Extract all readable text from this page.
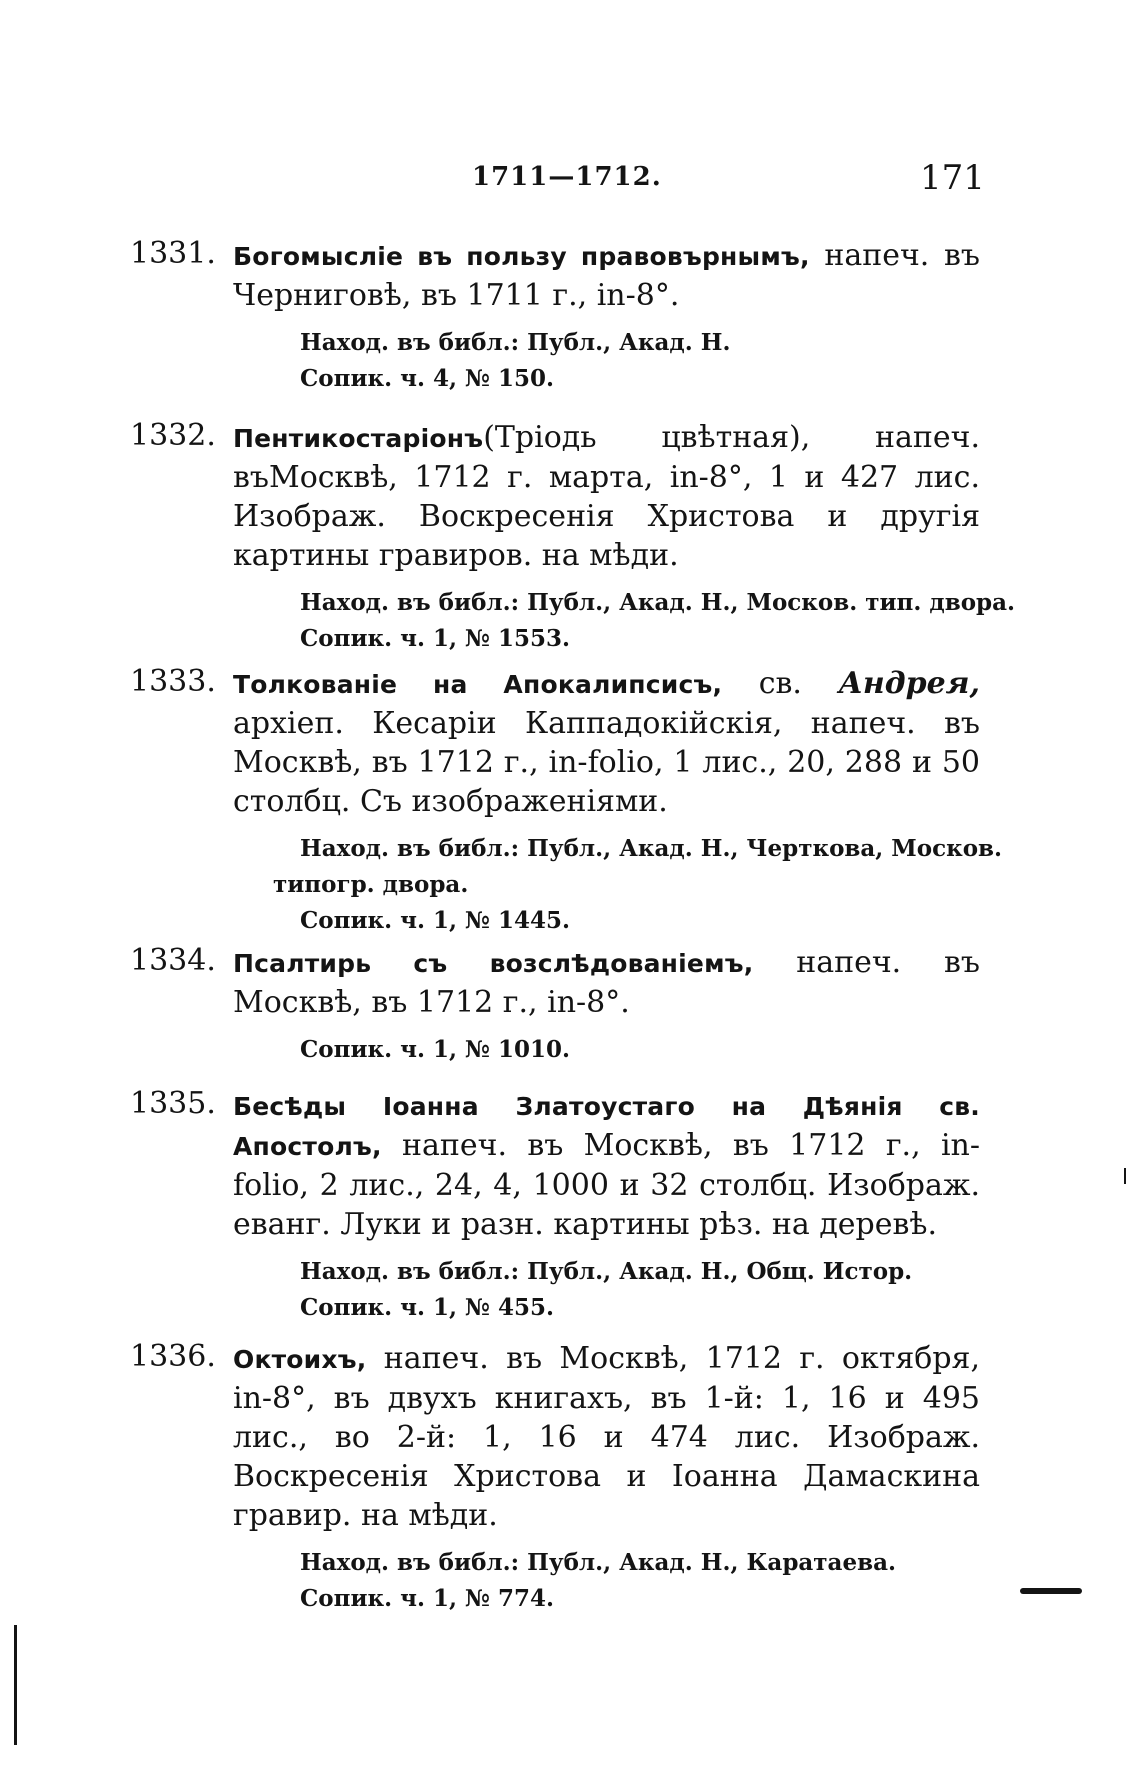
1711—1712.	171
1331. Богомысліе въ пользу правовърнымъ, напеч. въ Черниговѣ, въ 1711 г., in-8°.
Наход. въ библ.: Публ., Акад. Н.
Сопик. ч. 4, № 150.
1332. Пентикостаріонъ(Тріодь цвѣтная), напеч. въМосквѣ, 1712 г. марта, in-8°, 1 и 427 лис. Изображ. Воскресенія Христова и другія картины гравиров. на мѣди.
Наход. въ библ.: Публ., Акад. Н., Москов. тип. двора.
Сопик. ч. 1, № 1553.
1333. Толкованіе на Апокалипсисъ, св. Андрея, архіеп. Кесаріи Каппадокійскія, напеч. въ Москвѣ, въ 1712 г., in-folio, 1 лис., 20, 288 и 50 столбц. Съ изображеніями.
Наход. въ библ.: Публ., Акад. Н., Черткова, Москов.
типогр. двора.
Сопик. ч. 1, № 1445.
1334. Псалтирь съ возслѣдованіемъ, напеч. въ Москвѣ, въ 1712 г., in-8°.
Сопик. ч. 1, № 1010.
1335. Бесѣды Іоанна Златоустаго на Дѣянія св. Апостолъ, напеч. въ Москвѣ, въ 1712 г., in-folio, 2 лис., 24, 4, 1000 и 32 столбц. Изображ. еванг. Луки и разн. картины рѣз. на деревѣ.
Наход. въ библ.: Публ., Акад. Н., Общ. Истор.
Сопик. ч. 1, № 455.
1336. Октоихъ, напеч. въ Москвѣ, 1712 г. октября, in-8°, въ двухъ книгахъ, въ 1-й: 1, 16 и 495 лис., во 2-й: 1, 16 и 474 лис. Изображ. Воскресенія Христова и Іоанна Дамаскина гравир. на мѣди.
Наход. въ библ.: Публ., Акад. Н., Каратаева.
Сопик. ч. 1, № 774.
